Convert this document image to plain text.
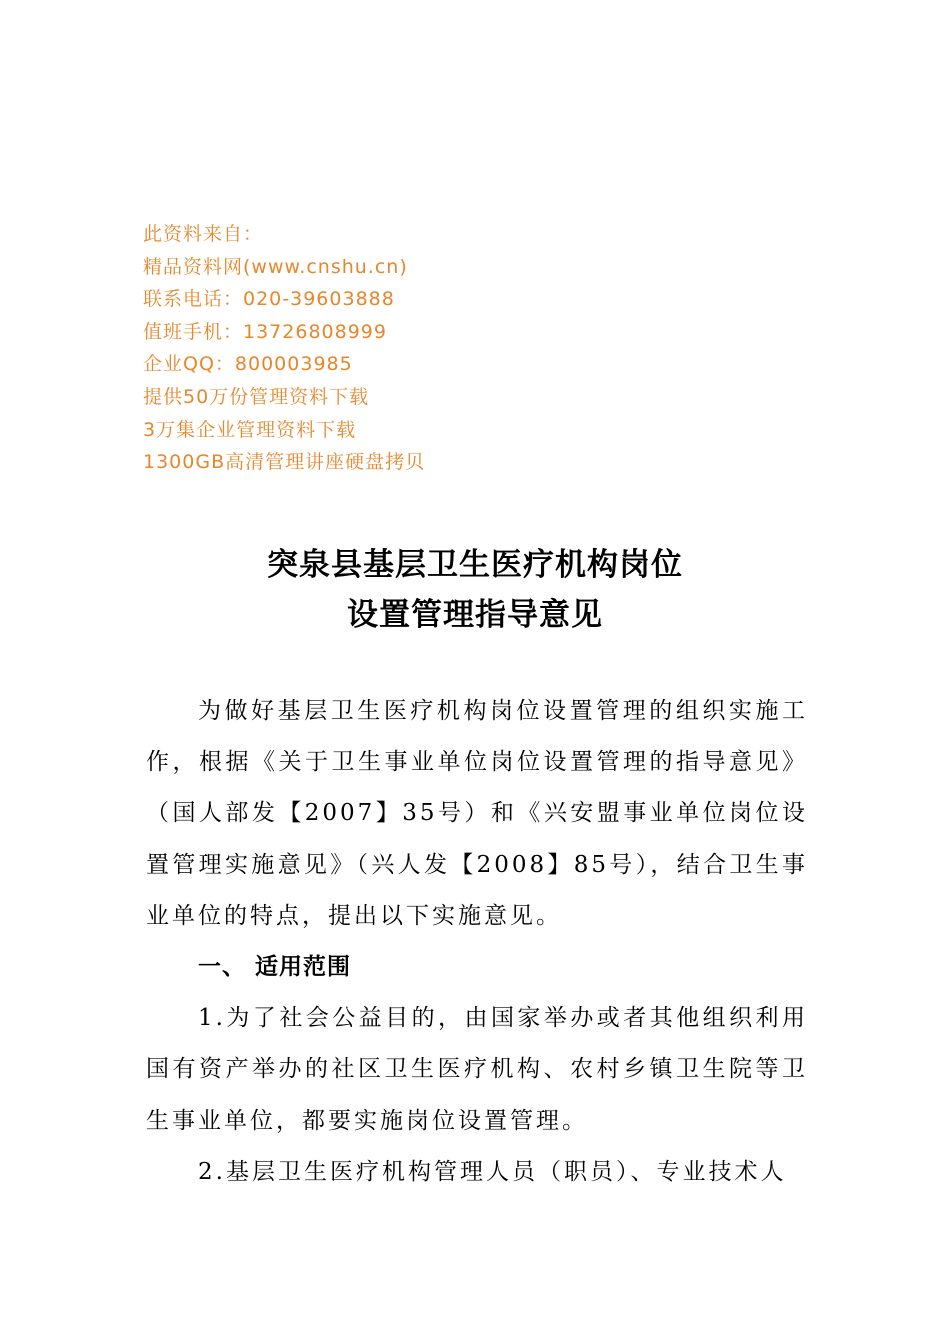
此资料来自：
精品资料网(www.cnshu.cn)
联系电话：020-39603888
值班手机：13726808999
企业QQ：800003985
提供50万份管理资料下载
3万集企业管理资料下载
1300GB高清管理讲座硬盘拷贝
突泉县基层卫生医疗机构岗位
设置管理指导意见

为做好基层卫生医疗机构岗位设置管理的组织实施工作，根据《关于卫生事业单位岗位设置管理的指导意见》（国人部发【2007】35号）和《兴安盟事业单位岗位设置管理实施意见》（兴人发【2008】85号），结合卫生事业单位的特点，提出以下实施意见。

一、 适用范围

1.为了社会公益目的，由国家举办或者其他组织利用国有资产举办的社区卫生医疗机构、农村乡镇卫生院等卫生事业单位，都要实施岗位设置管理。

2.基层卫生医疗机构管理人员（职员）、专业技术人
